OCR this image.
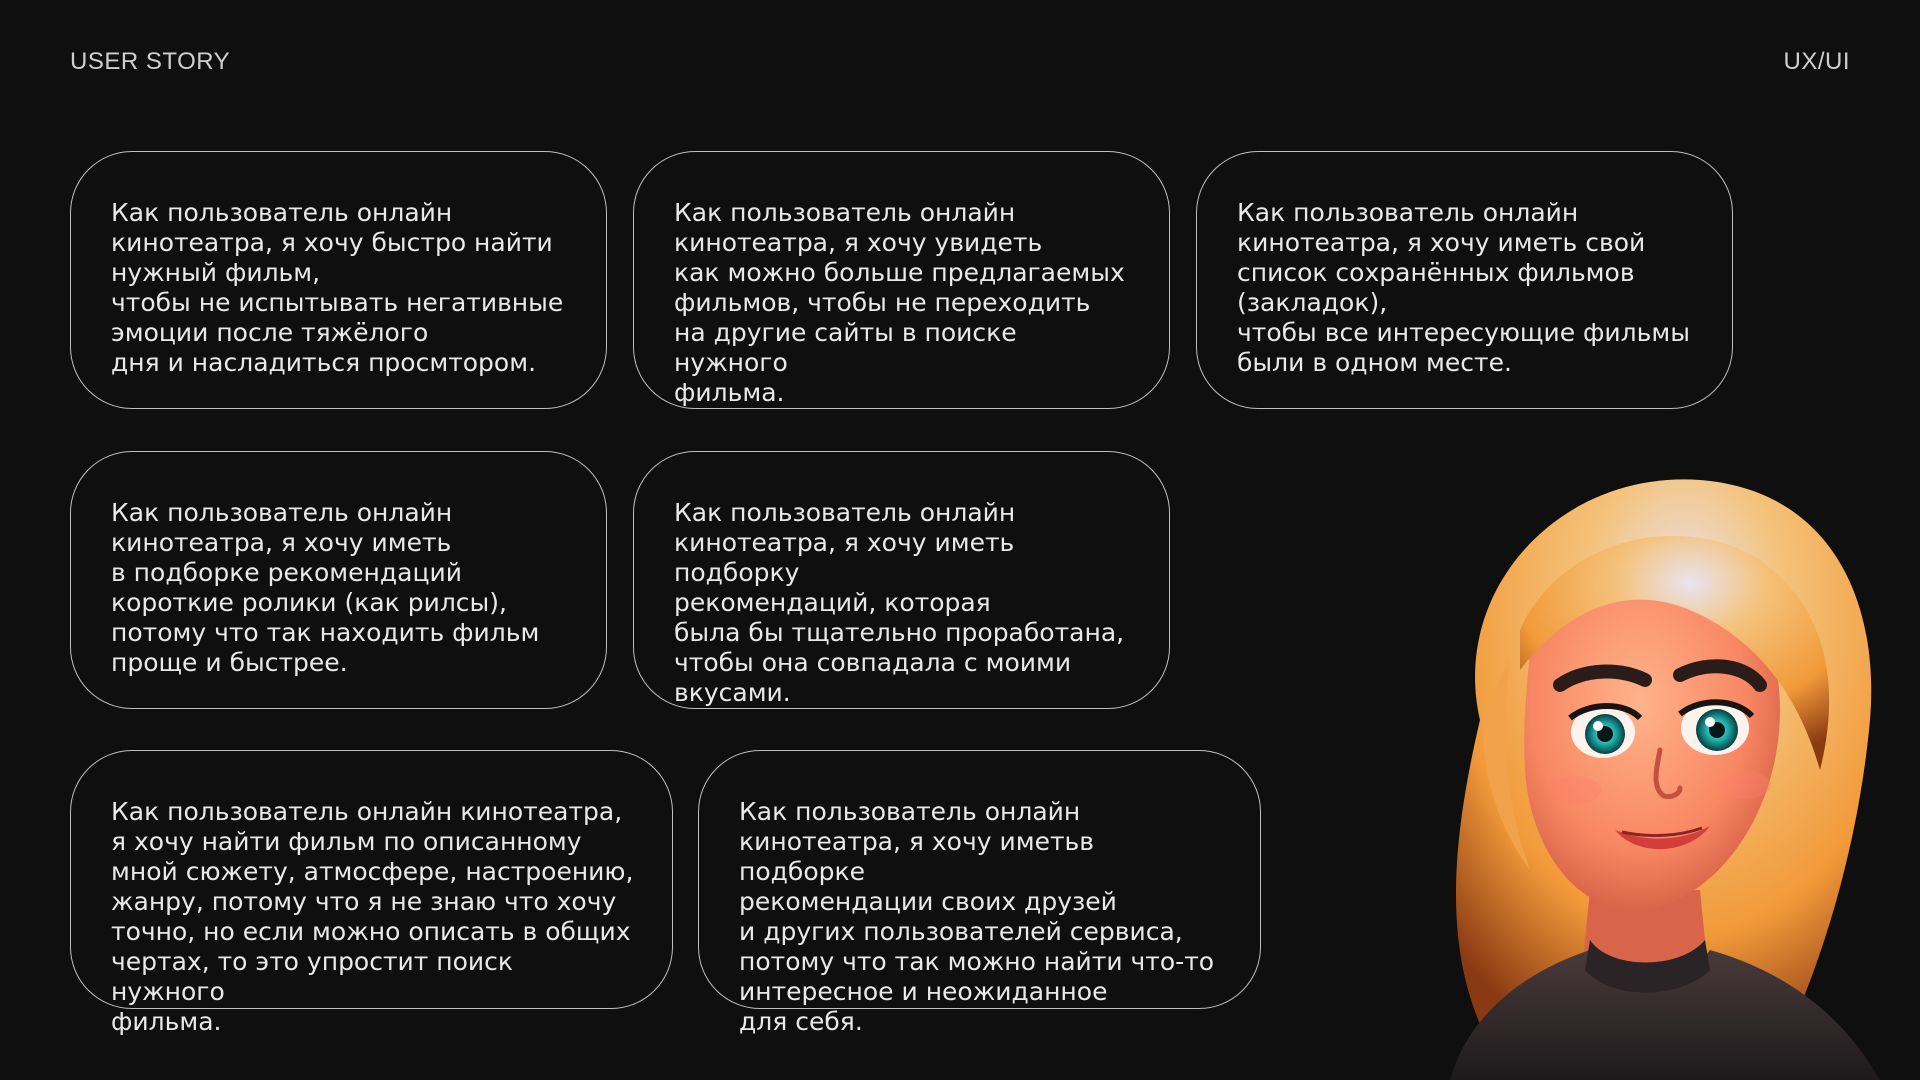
USER STORY	UX/UI
Как пользователь онлайн
кинотеатра, я хочу быстро найти
нужный фильм,
чтобы не испытывать негативные
эмоции после тяжёлого
дня и насладиться просмтором.
Как пользователь онлайн
кинотеатра, я хочу увидеть
как можно больше предлагаемых
фильмов, чтобы не переходить
на другие сайты в поиске нужного
фильма.
Как пользователь онлайн
кинотеатра, я хочу иметь свой
список сохранённых фильмов
(закладок),
чтобы все интересующие фильмы
были в одном месте.
Как пользователь онлайн
кинотеатра, я хочу иметь
в подборке рекомендаций
короткие ролики (как рилсы),
потому что так находить фильм
проще и быстрее.
Как пользователь онлайн
кинотеатра, я хочу иметь подборку
рекомендаций, которая
была бы тщательно проработана,
чтобы она совпадала с моими
вкусами.
Как пользователь онлайн кинотеатра,
я хочу найти фильм по описанному
мной сюжету, атмосфере, настроению,
жанру, потому что я не знаю что хочу
точно, но если можно описать в общих
чертах, то это упростит поиск нужного
фильма.
Как пользователь онлайн
кинотеатра, я хочу иметьв подборке
рекомендации своих друзей
и других пользователей сервиса,
потому что так можно найти что-то
интересное и неожиданное
для себя.
